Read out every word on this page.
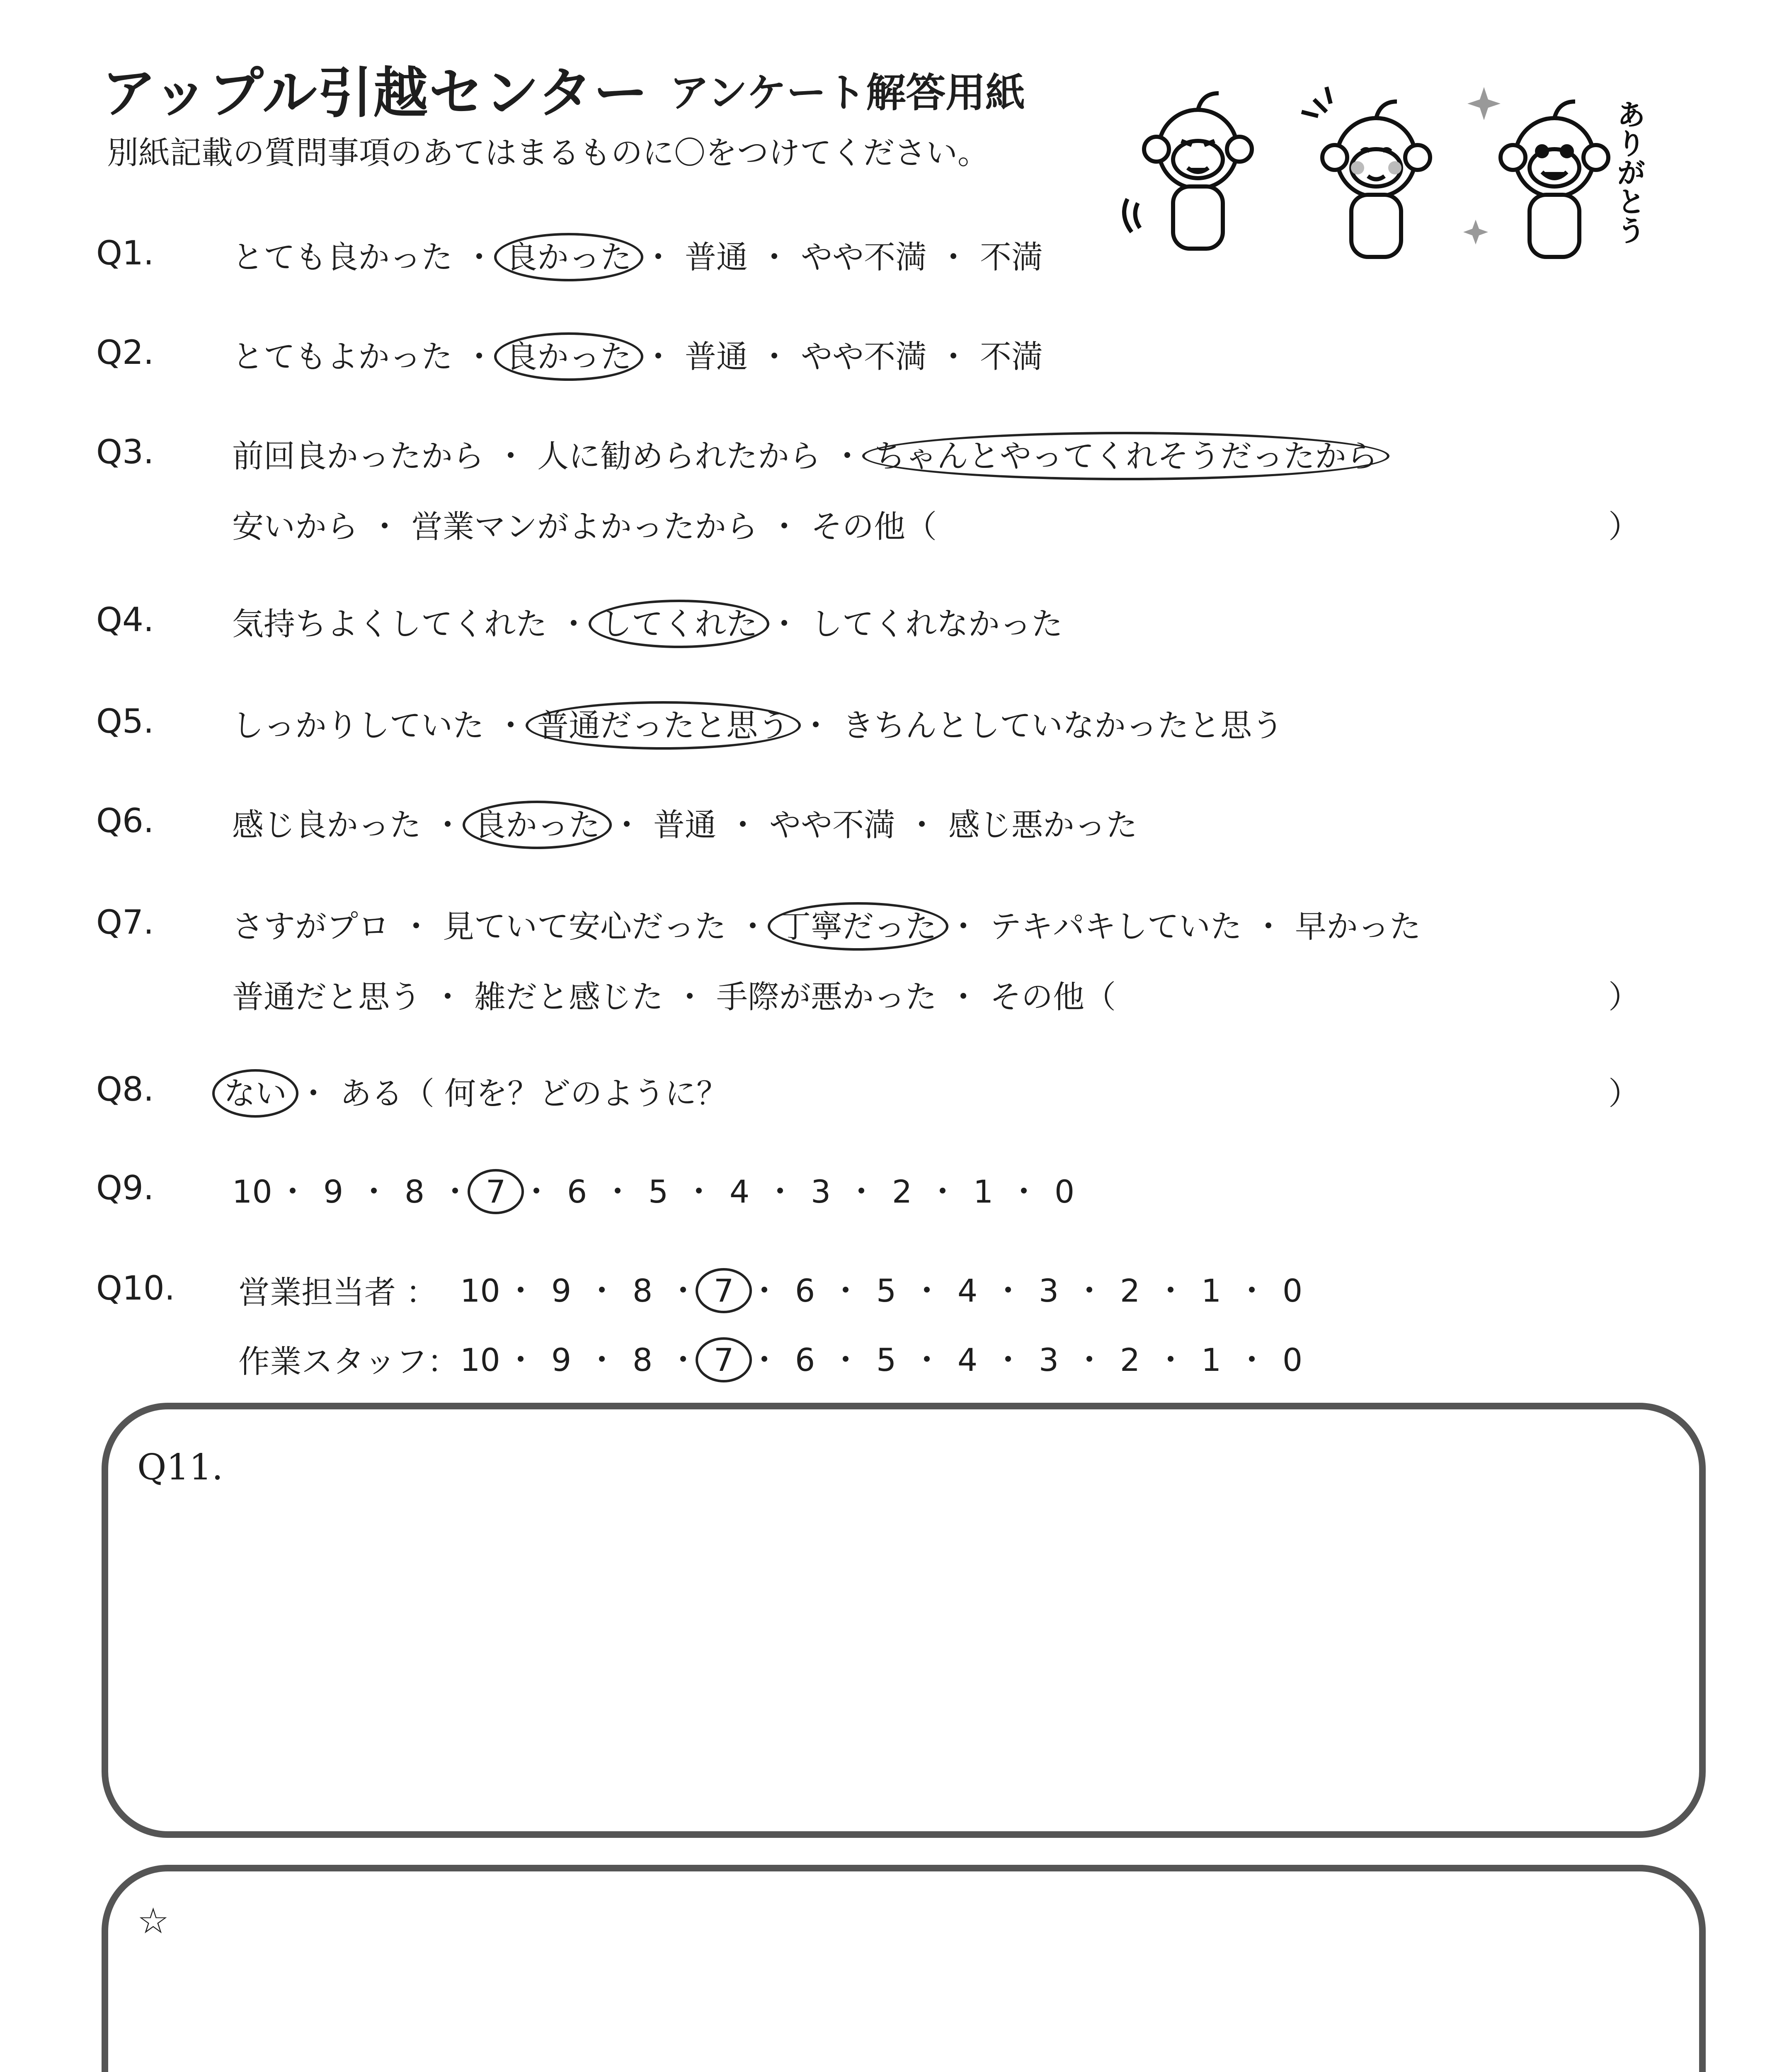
アップル引越センター アンケート解答用紙
別紙記載の質問事項のあてはまるものに〇をつけてください。	ありがとう
Q1. とても良かった ・ 良かった ・ 普通 ・ やや不満 ・ 不満
Q2. とてもよかった ・ 良かった ・ 普通 ・ やや不満 ・ 不満
Q3. 前回良かったから ・ 人に勧められたから ・ ちゃんとやってくれそうだったから
安いから ・ 営業マンがよかったから ・ その他（	）
Q4. 気持ちよくしてくれた ・ してくれた ・ してくれなかった
Q5. しっかりしていた ・ 普通だったと思う ・ きちんとしていなかったと思う
Q6. 感じ良かった ・ 良かった ・ 普通 ・ やや不満 ・ 感じ悪かった
Q7. さすがプロ ・ 見ていて安心だった ・ 丁寧だった ・ テキパキしていた ・ 早かった
普通だと思う ・ 雑だと感じた ・ 手際が悪かった ・ その他（	）
Q8. ない ・ ある（ 何を？どのように？	）
Q9. 10 ・ 9 ・ 8 ・ 7 ・ 6 ・ 5 ・ 4 ・ 3 ・ 2 ・ 1 ・ 0
Q10. 営業担当者 ： 10 ・ 9 ・ 8 ・ 7 ・ 6 ・ 5 ・ 4 ・ 3 ・ 2 ・ 1 ・ 0
作業スタッフ： 10 ・ 9 ・ 8 ・ 7 ・ 6 ・ 5 ・ 4 ・ 3 ・ 2 ・ 1 ・ 0
Q11.
☆
